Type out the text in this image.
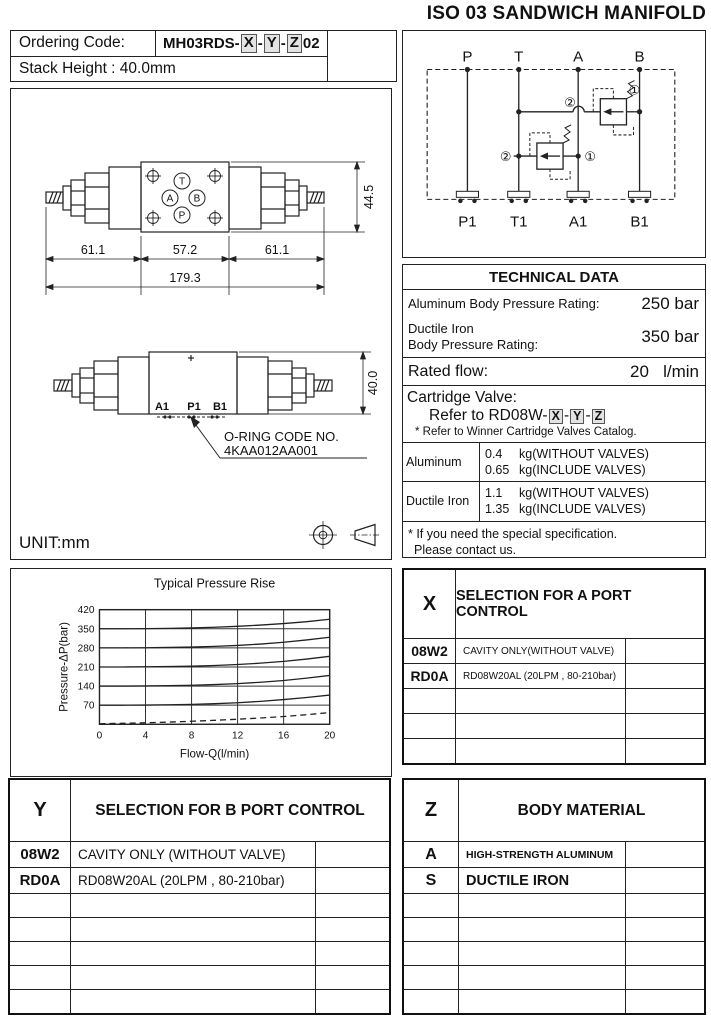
ISO 03 SANDWICH MANIFOLD
Ordering Code:	MH03RDS- X - Y - Z 02
Stack Height : 40.0mm
T
A B
P
61.1	57.2	61.1
179.3
44.5
A1 P1 B1
O-RING CODE NO.
4KAA012AA001
40.0
UNIT:mm
P	T	A	B
②
①
②	①
P1 T1	A1	B1
TECHNICAL DATA
Aluminum Body Pressure Rating: 250 bar
Ductile Iron
Body Pressure Rating:	350 bar
Rated flow:	20   l/min
Cartridge Valve:
Refer to RD08W- X - Y - Z
* Refer to Winner Cartridge Valves Catalog.
Aluminum
0.4	kg(WITHOUT VALVES)
0.65 kg(INCLUDE VALVES)
Ductile Iron
1.1	kg(WITHOUT VALVES)
1.35 kg(INCLUDE VALVES)
* If you need the special specification.
Please contact us.
Typical Pressure Rise
70
140
210
280
350
420
0	4	8	12	16	20
Flow-Q(l/min)
Pressure-ΔP(bar)
X	SELECTION FOR A PORT CONTROL
08W2	CAVITY ONLY(WITHOUT VALVE)
RD0A	RD08W20AL (20LPM , 80-210bar)
Y	SELECTION FOR B PORT CONTROL
08W2	CAVITY ONLY (WITHOUT VALVE)
RD0A	RD08W20AL (20LPM , 80-210bar)
Z	BODY MATERIAL
A	HIGH-STRENGTH ALUMINUM
S	DUCTILE IRON
